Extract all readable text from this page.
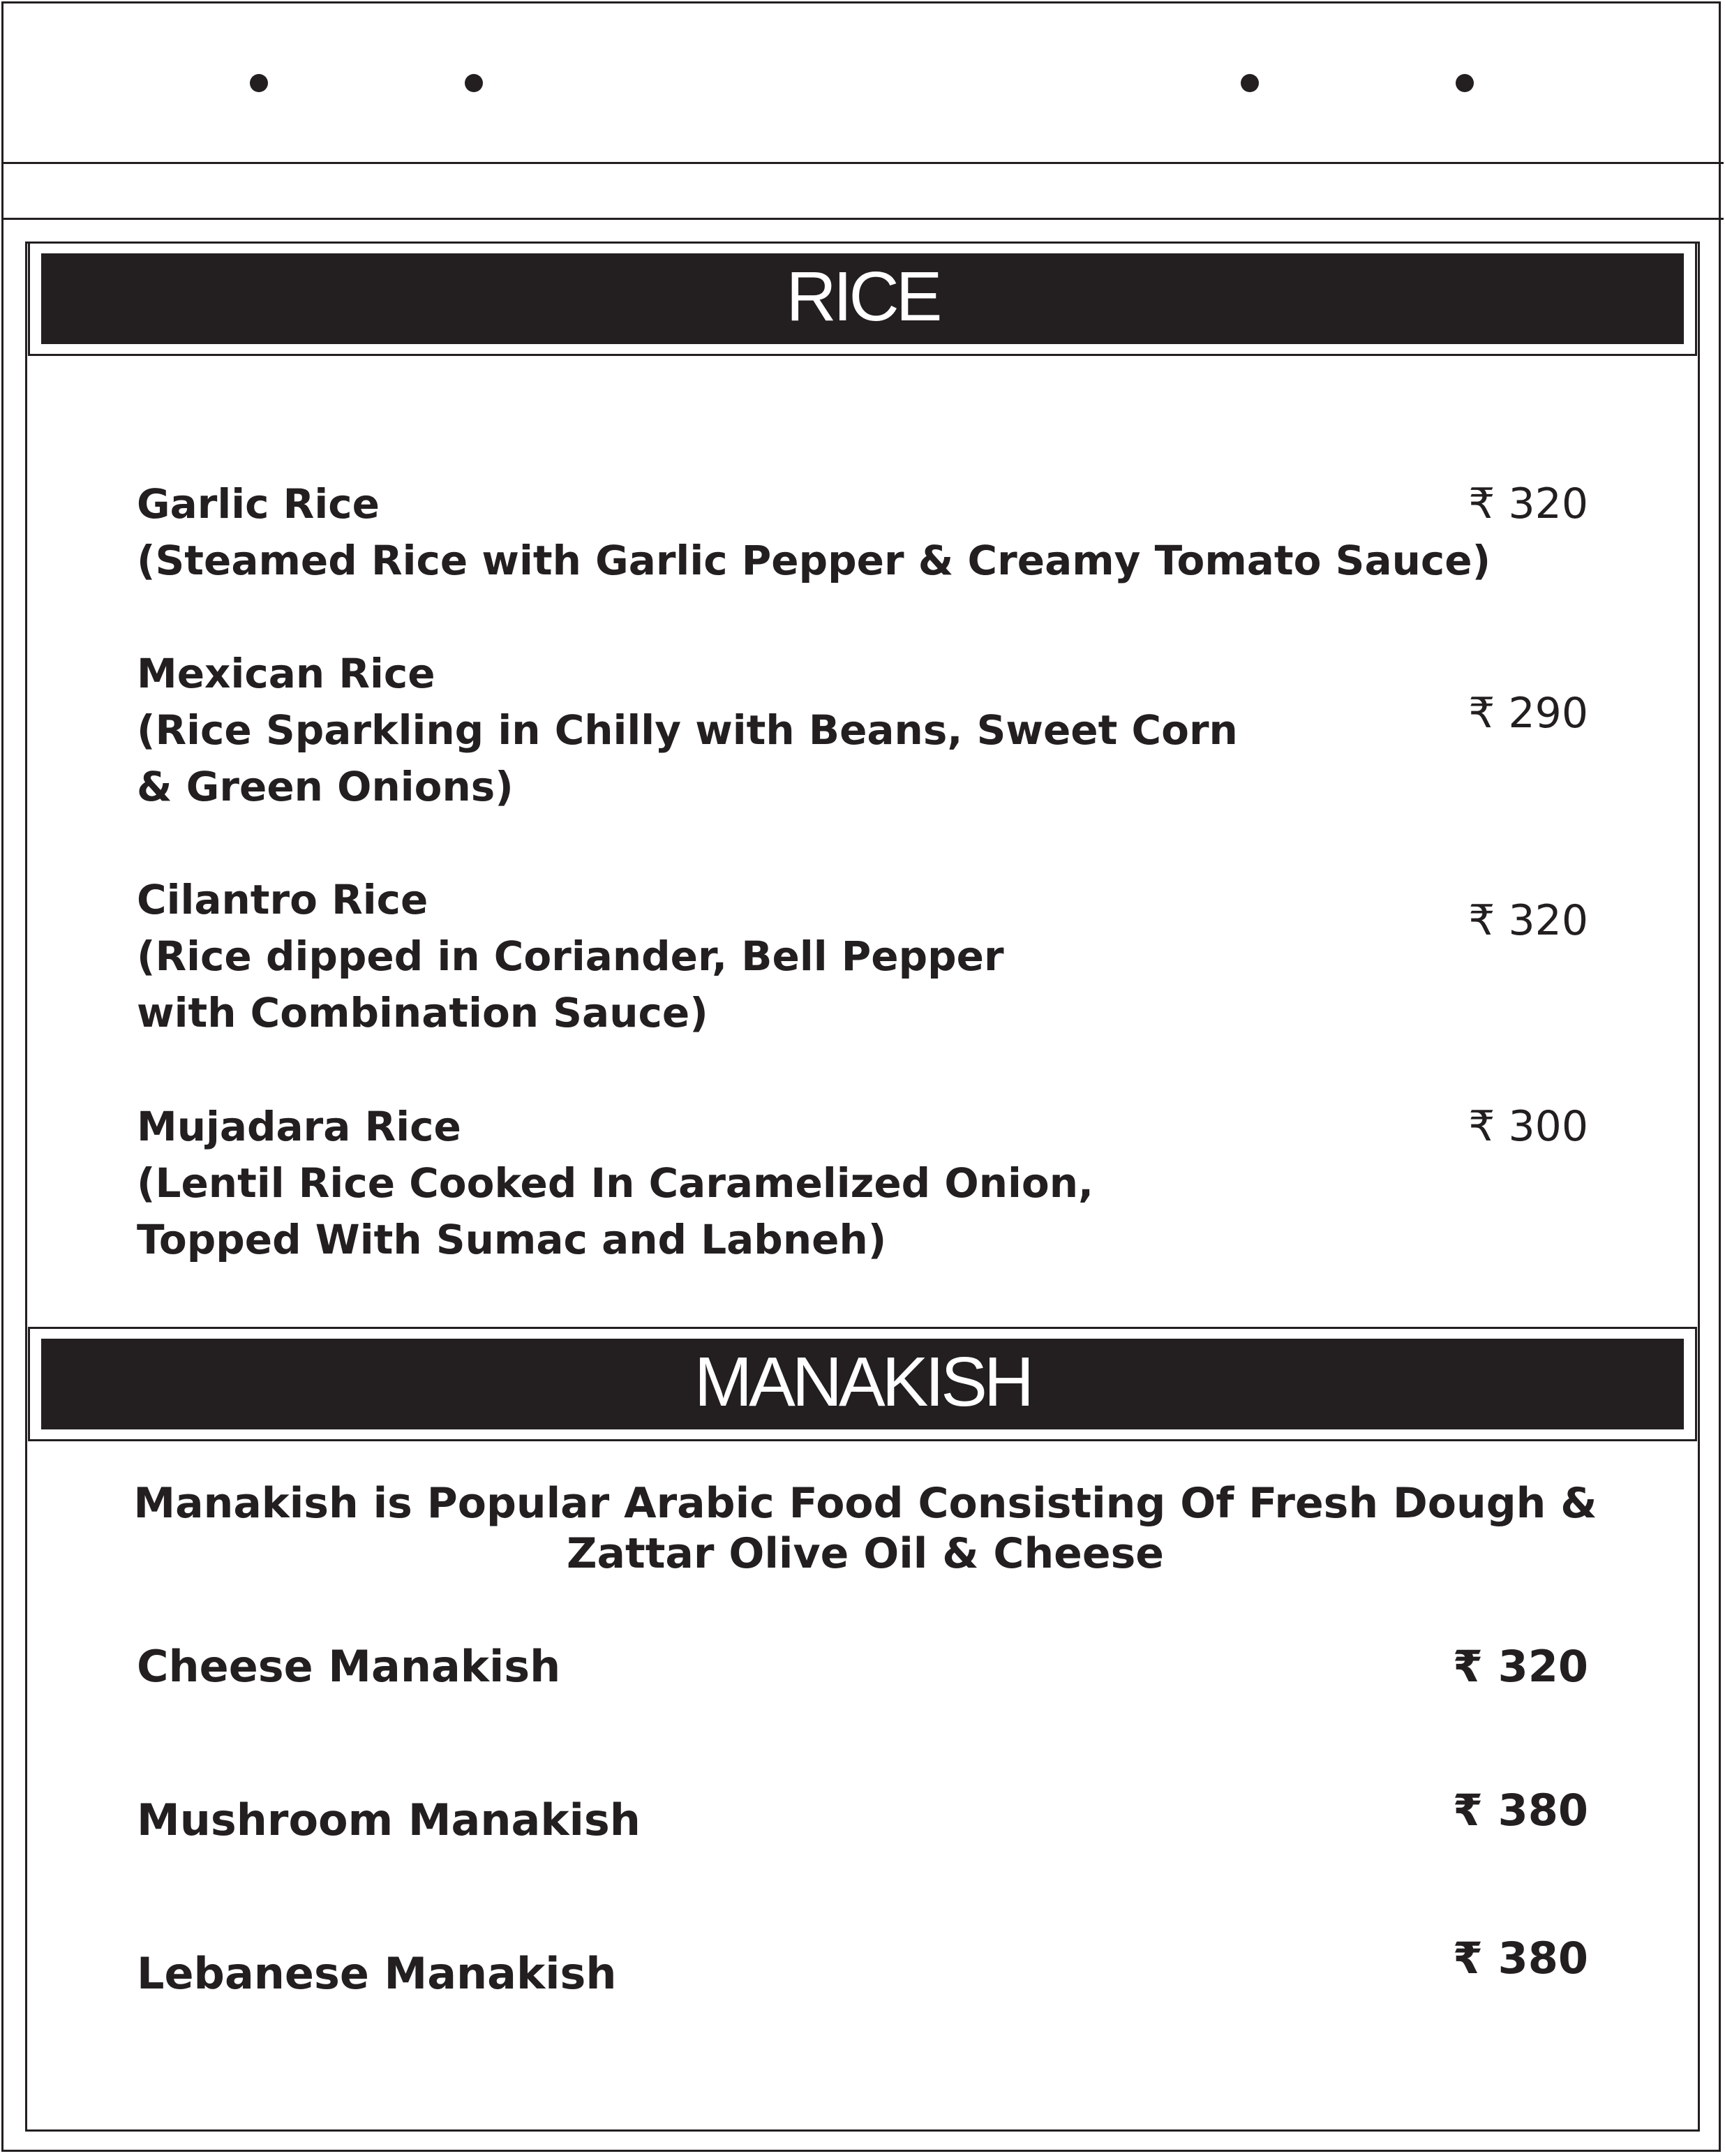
RICE
Garlic Rice
(Steamed Rice with Garlic Pepper & Creamy Tomato Sauce)
₹ 320
Mexican Rice
(Rice Sparkling in Chilly with Beans, Sweet Corn & Green Onions)
₹ 290
Cilantro Rice
(Rice dipped in Coriander, Bell Pepper with Combination Sauce)
₹ 320
Mujadara Rice
(Lentil Rice Cooked In Caramelized Onion, Topped With Sumac and Labneh)
₹ 300
MANAKISH
Manakish is Popular Arabic Food Consisting Of Fresh Dough & Zattar Olive Oil & Cheese
Cheese Manakish	₹ 320
Mushroom Manakish	₹ 380
Lebanese Manakish	₹ 380
